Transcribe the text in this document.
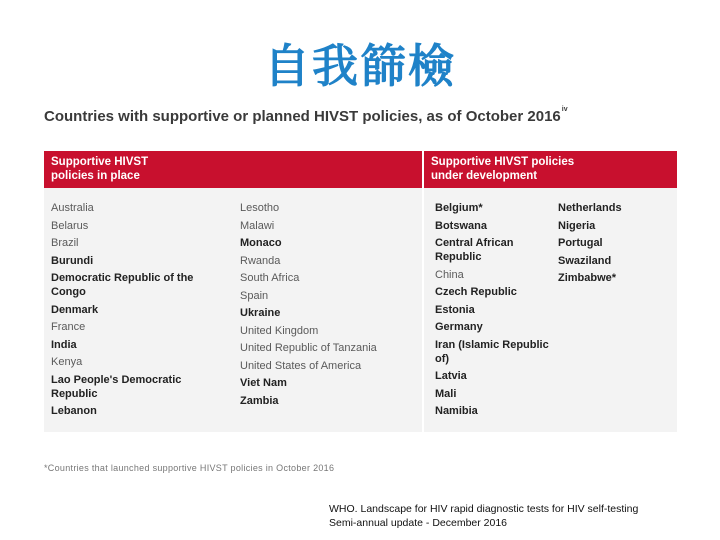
自我篩檢
Countries with supportive or planned HIVST policies, as of October 2016$^{iv}$
Supportive HIVST
policies in place
Supportive HIVST policies
under development
Australia
Belarus
Brazil
Burundi
Democratic Republic of the Congo
Denmark
France
India
Kenya
Lao People's Democratic Republic
Lebanon
Lesotho
Malawi
Monaco
Rwanda
South Africa
Spain
Ukraine
United Kingdom
United Republic of Tanzania
United States of America
Viet Nam
Zambia
Belgium*
Botswana
Central African Republic
China
Czech Republic
Estonia
Germany
Iran (Islamic Republic of)
Latvia
Mali
Namibia
Netherlands
Nigeria
Portugal
Swaziland
Zimbabwe*
*Countries that launched supportive HIVST policies in October 2016
WHO. Landscape for HIV rapid diagnostic tests for HIV self-testing
Semi-annual update - December 2016
